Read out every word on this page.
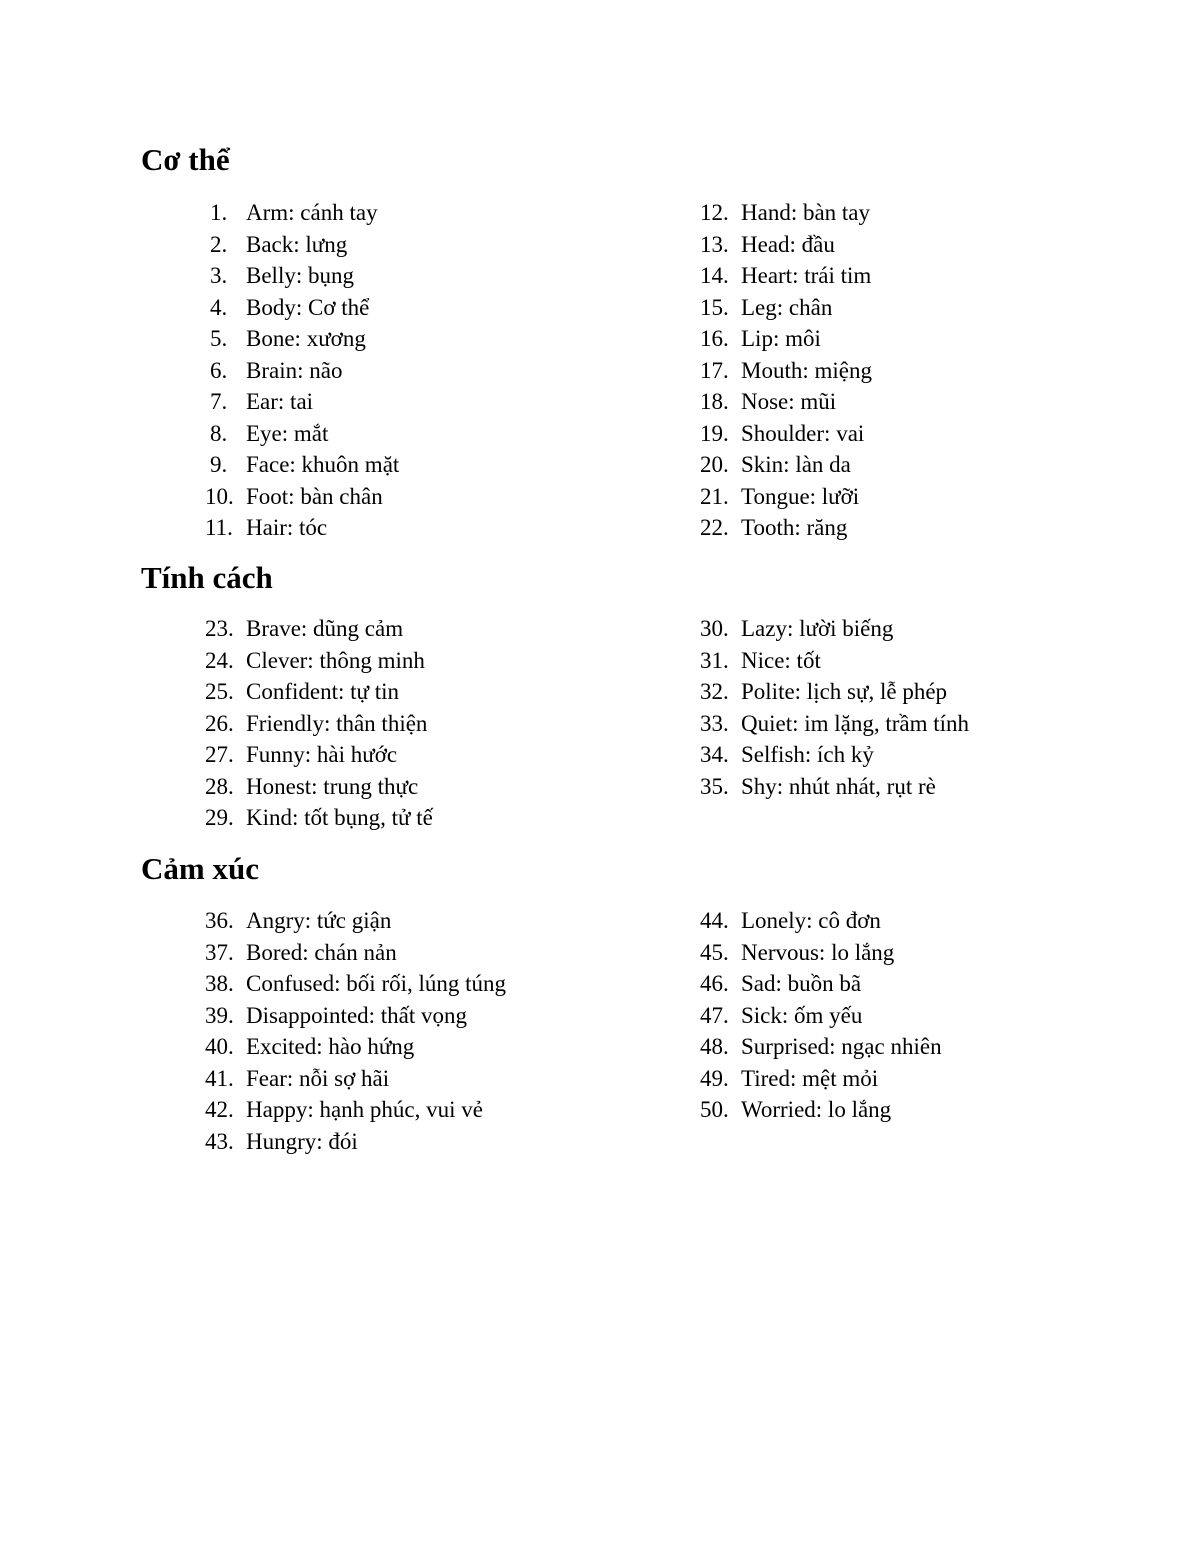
Cơ thể
1. Arm: cánh tay
2. Back: lưng
3. Belly: bụng
4. Body: Cơ thể
5. Bone: xương
6. Brain: não
7. Ear: tai
8. Eye: mắt
9. Face: khuôn mặt
10. Foot: bàn chân
11. Hair: tóc
12. Hand: bàn tay
13. Head: đầu
14. Heart: trái tim
15. Leg: chân
16. Lip: môi
17. Mouth: miệng
18. Nose: mũi
19. Shoulder: vai
20. Skin: làn da
21. Tongue: lưỡi
22. Tooth: răng
Tính cách
23. Brave: dũng cảm
24. Clever: thông minh
25. Confident: tự tin
26. Friendly: thân thiện
27. Funny: hài hước
28. Honest: trung thực
29. Kind: tốt bụng, tử tế
30. Lazy: lười biếng
31. Nice: tốt
32. Polite: lịch sự, lễ phép
33. Quiet: im lặng, trầm tính
34. Selfish: ích kỷ
35. Shy: nhút nhát, rụt rè
Cảm xúc
36. Angry: tức giận
37. Bored: chán nản
38. Confused: bối rối, lúng túng
39. Disappointed: thất vọng
40. Excited: hào hứng
41. Fear: nỗi sợ hãi
42. Happy: hạnh phúc, vui vẻ
43. Hungry: đói
44. Lonely: cô đơn
45. Nervous: lo lắng
46. Sad: buồn bã
47. Sick: ốm yếu
48. Surprised: ngạc nhiên
49. Tired: mệt mỏi
50. Worried: lo lắng
